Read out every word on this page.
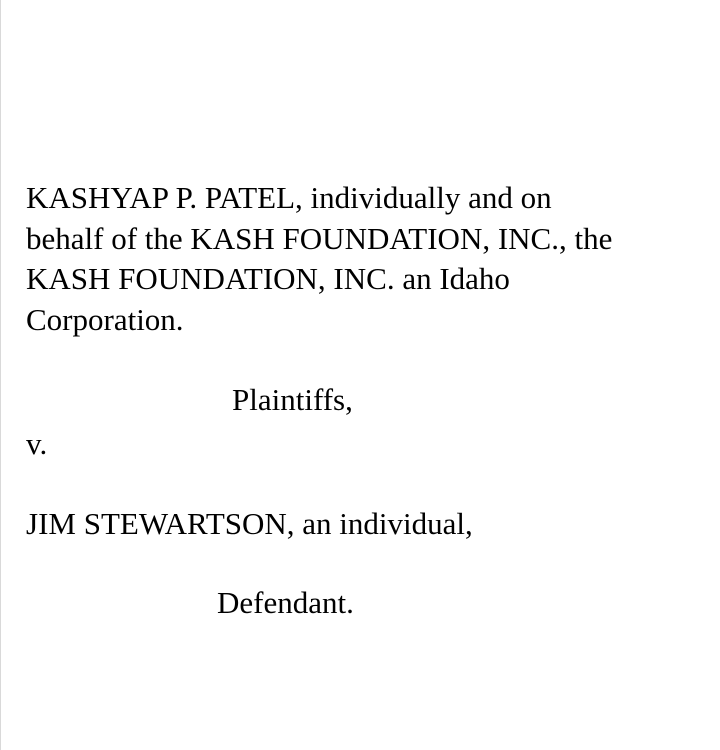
KASHYAP P. PATEL, individually and on
behalf of the KASH FOUNDATION, INC., the
KASH FOUNDATION, INC. an Idaho
Corporation.
Plaintiffs,
v.
JIM STEWARTSON, an individual,
Defendant.
